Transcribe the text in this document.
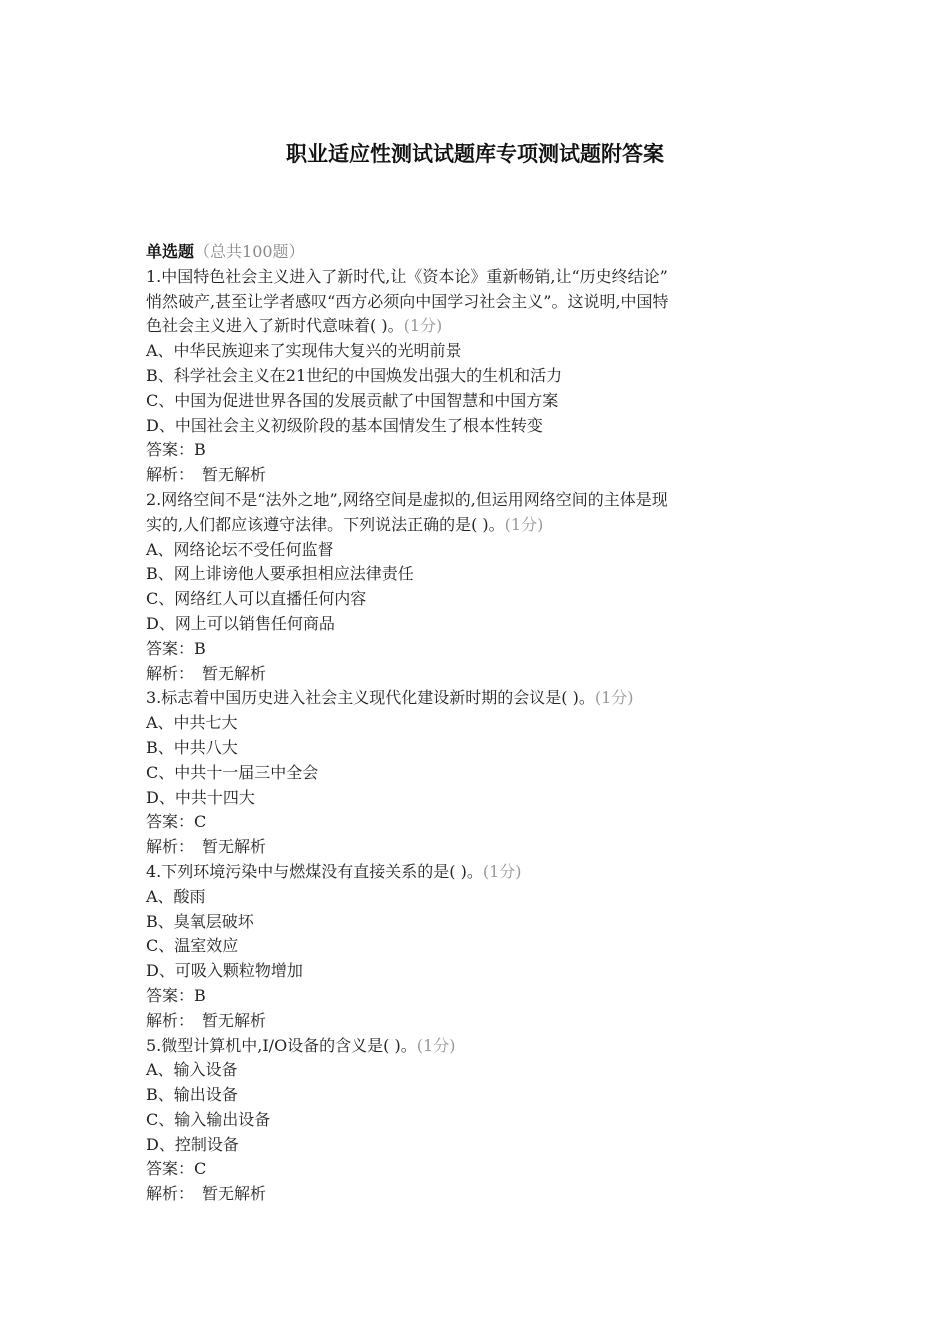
职业适应性测试试题库专项测试题附答案
单选题（总共100题）
1.中国特色社会主义进入了新时代,让《资本论》重新畅销,让“历史终结论”
悄然破产,甚至让学者感叹“西方必须向中国学习社会主义”。这说明,中国特
色社会主义进入了新时代意味着( )。(1分)
A、中华民族迎来了实现伟大复兴的光明前景
B、科学社会主义在21世纪的中国焕发出强大的生机和活力
C、中国为促进世界各国的发展贡献了中国智慧和中国方案
D、中国社会主义初级阶段的基本国情发生了根本性转变
答案：B
解析：　暂无解析
2.网络空间不是“法外之地”,网络空间是虚拟的,但运用网络空间的主体是现
实的,人们都应该遵守法律。下列说法正确的是( )。(1分)
A、网络论坛不受任何监督
B、网上诽谤他人要承担相应法律责任
C、网络红人可以直播任何内容
D、网上可以销售任何商品
答案：B
解析：　暂无解析
3.标志着中国历史进入社会主义现代化建设新时期的会议是( )。(1分)
A、中共七大
B、中共八大
C、中共十一届三中全会
D、中共十四大
答案：C
解析：　暂无解析
4.下列环境污染中与燃煤没有直接关系的是( )。(1分)
A、酸雨
B、臭氧层破坏
C、温室效应
D、可吸入颗粒物增加
答案：B
解析：　暂无解析
5.微型计算机中,I/O设备的含义是( )。(1分)
A、输入设备
B、输出设备
C、输入输出设备
D、控制设备
答案：C
解析：　暂无解析
